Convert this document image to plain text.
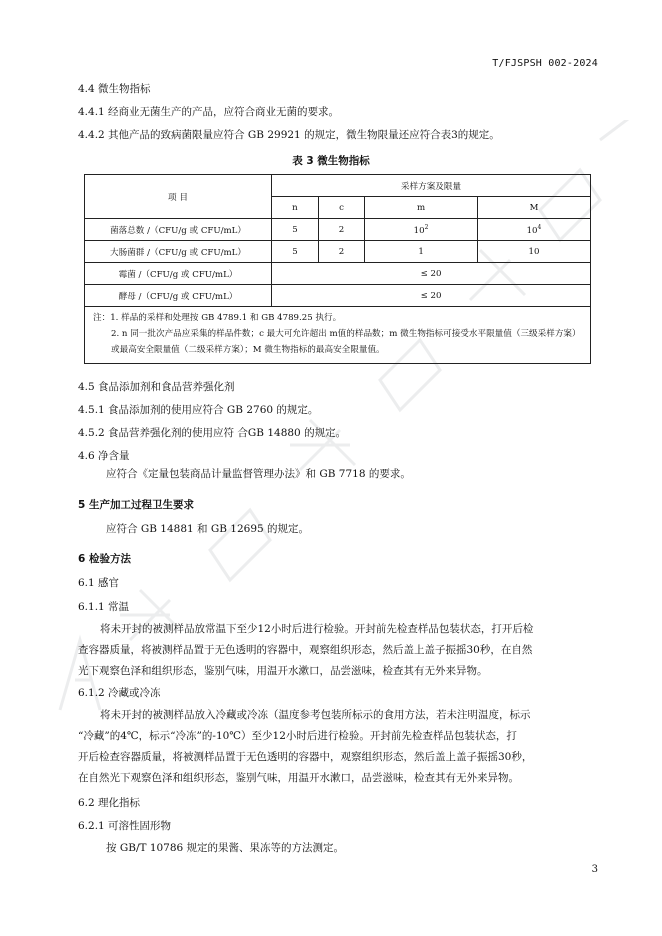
T/FJSPSH 002-2024
4.4 微生物指标
4.4.1 经商业无菌生产的产品，应符合商业无菌的要求。
4.4.2 其他产品的致病菌限量应符合 GB 29921 的规定，微生物限量还应符合表3的规定。
表 3 微生物指标
项 目	采样方案及限量			
	n	c	m	M
菌落总数 /（CFU/g 或 CFU/mL）	5	2	$10^2$	$10^4$
大肠菌群 /（CFU/g 或 CFU/mL）	5	2	1	10
霉菌 /（CFU/g 或 CFU/mL）	≤ 20			
酵母 /（CFU/g 或 CFU/mL）	≤ 20			
注：1. 样品的采样和处理按 GB 4789.1 和 GB 4789.25 执行。
2. n 同一批次产品应采集的样品件数；c 最大可允许超出 m值的样品数；m 微生物指标可接受水平限量值（三级采样方案）或最高安全限量值（二级采样方案）；M 微生物指标的最高安全限量值。				
4.5 食品添加剂和食品营养强化剂
4.5.1 食品添加剂的使用应符合 GB 2760 的规定。
4.5.2 食品营养强化剂的使用应符 合GB 14880 的规定。
4.6 净含量
应符合《定量包装商品计量监督管理办法》和 GB 7718 的要求。
5 生产加工过程卫生要求
应符合 GB 14881 和 GB 12695 的规定。
6 检验方法
6.1 感官
6.1.1 常温
将未开封的被测样品放常温下至少12小时后进行检验。开封前先检查样品包装状态，打开后检
查容器质量，将被测样品置于无色透明的容器中，观察组织形态，然后盖上盖子振摇30秒，在自然
光下观察色泽和组织形态，鉴别气味，用温开水漱口，品尝滋味，检查其有无外来异物。
6.1.2 冷藏或冷冻
将未开封的被测样品放入冷藏或冷冻（温度参考包装所标示的食用方法，若未注明温度，标示
“冷藏”的4℃，标示“冷冻”的-10℃）至少12小时后进行检验。开封前先检查样品包装状态，打
开后检查容器质量，将被测样品置于无色透明的容器中，观察组织形态，然后盖上盖子振摇30秒，
在自然光下观察色泽和组织形态，鉴别气味，用温开水漱口，品尝滋味，检查其有无外来异物。
6.2 理化指标
6.2.1 可溶性固形物
按 GB/T 10786 规定的果酱、果冻等的方法测定。
3
